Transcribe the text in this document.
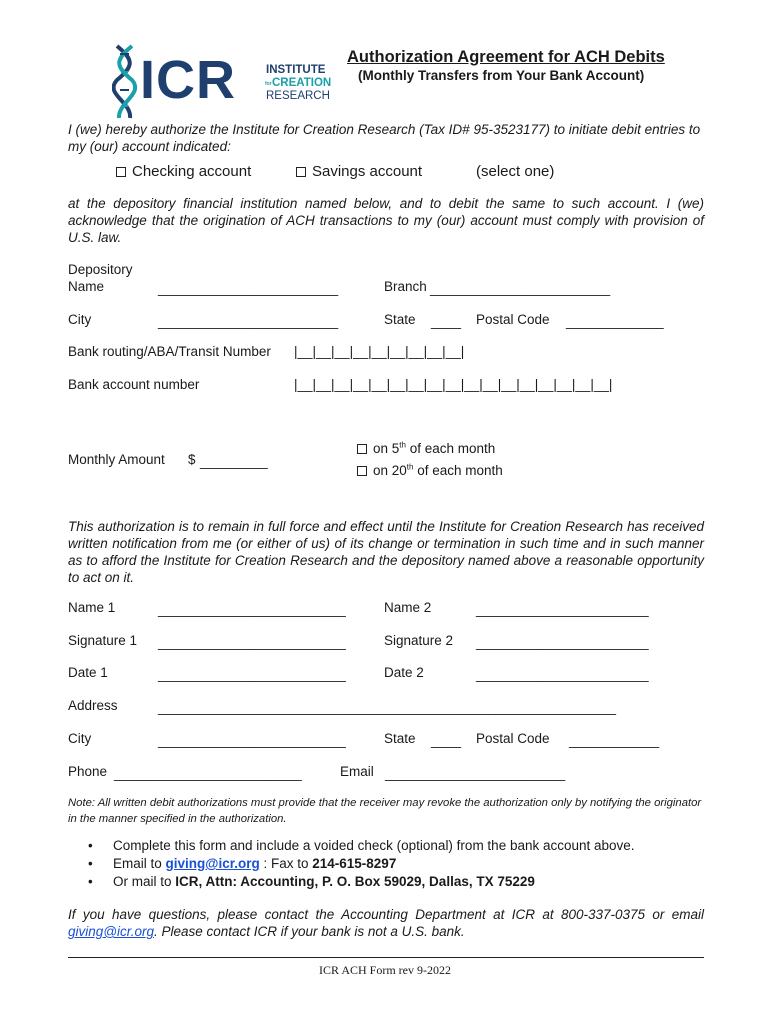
ICR	INSTITUTE
for CREATION
RESEARCH
Authorization Agreement for ACH Debits
(Monthly Transfers from Your Bank Account)
I (we) hereby authorize the Institute for Creation Research (Tax ID# 95-3523177) to initiate debit entries to my (our) account indicated:
Checking account	Savings account	(select one)
at the depository financial institution named below, and to debit the same to such account. I (we) acknowledge that the origination of ACH transactions to my (our) account must comply with provision of U.S. law.
Depository
Name	________________________	Branch ________________________
City	________________________	State ____ Postal Code _____________
Bank routing/ABA/Transit Number |__|__|__|__|__|__|__|__|__|
Bank account number	|__|__|__|__|__|__|__|__|__|__|__|__|__|__|__|__|__|
Monthly Amount $ _________
on 5th of each month
on 20th of each month
This authorization is to remain in full force and effect until the Institute for Creation Research has received written notification from me (or either of us) of its change or termination in such time and in such manner as to afford the Institute for Creation Research and the depository named above a reasonable opportunity to act on it.
Name 1	_________________________	Name 2	_______________________
Signature 1 _________________________	Signature 2 _______________________
Date 1	_________________________	Date 2	_______________________
Address	_____________________________________________________________
City	_________________________	State ____ Postal Code ____________
Phone _________________________	Email ________________________
Note: All written debit authorizations must provide that the receiver may revoke the authorization only by notifying the originator in the manner specified in the authorization.
• Complete this form and include a voided check (optional) from the bank account above.
• Email to giving@icr.org : Fax to 214-615-8297
• Or mail to ICR, Attn: Accounting, P. O. Box 59029, Dallas, TX 75229
If you have questions, please contact the Accounting Department at ICR at 800-337-0375 or email giving@icr.org. Please contact ICR if your bank is not a U.S. bank.
ICR ACH Form rev 9-2022
